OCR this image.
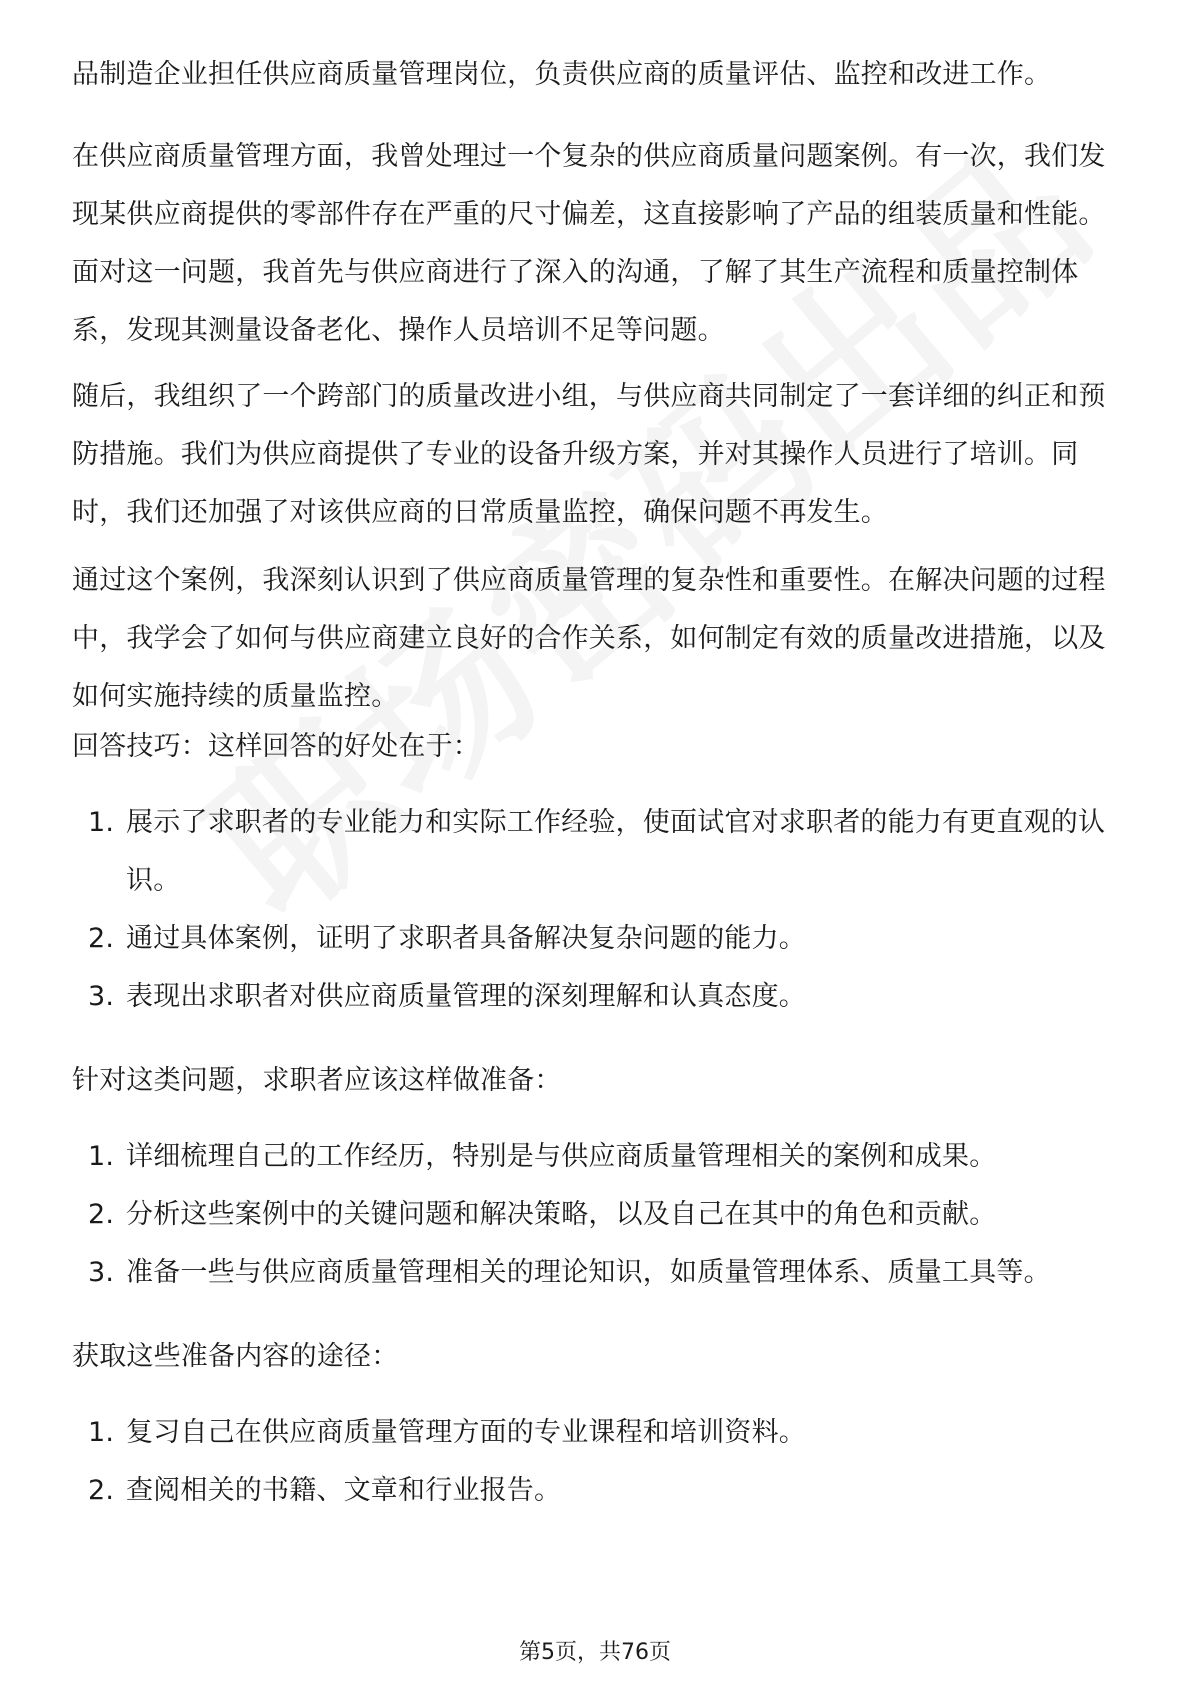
品制造企业担任供应商质量管理岗位，负责供应商的质量评估、监控和改进工作。

在供应商质量管理方面，我曾处理过一个复杂的供应商质量问题案例。有一次，我们发现某供应商提供的零部件存在严重的尺寸偏差，这直接影响了产品的组装质量和性能。面对这一问题，我首先与供应商进行了深入的沟通，了解了其生产流程和质量控制体系，发现其测量设备老化、操作人员培训不足等问题。

随后，我组织了一个跨部门的质量改进小组，与供应商共同制定了一套详细的纠正和预防措施。我们为供应商提供了专业的设备升级方案，并对其操作人员进行了培训。同时，我们还加强了对该供应商的日常质量监控，确保问题不再发生。

通过这个案例，我深刻认识到了供应商质量管理的复杂性和重要性。在解决问题的过程中，我学会了如何与供应商建立良好的合作关系，如何制定有效的质量改进措施，以及如何实施持续的质量监控。

回答技巧：这样回答的好处在于：

1. 展示了求职者的专业能力和实际工作经验，使面试官对求职者的能力有更直观的认识。
2. 通过具体案例，证明了求职者具备解决复杂问题的能力。
3. 表现出求职者对供应商质量管理的深刻理解和认真态度。

针对这类问题，求职者应该这样做准备：

1. 详细梳理自己的工作经历，特别是与供应商质量管理相关的案例和成果。
2. 分析这些案例中的关键问题和解决策略，以及自己在其中的角色和贡献。
3. 准备一些与供应商质量管理相关的理论知识，如质量管理体系、质量工具等。

获取这些准备内容的途径：

1. 复习自己在供应商质量管理方面的专业课程和培训资料。
2. 查阅相关的书籍、文章和行业报告。
第5页，共76页
